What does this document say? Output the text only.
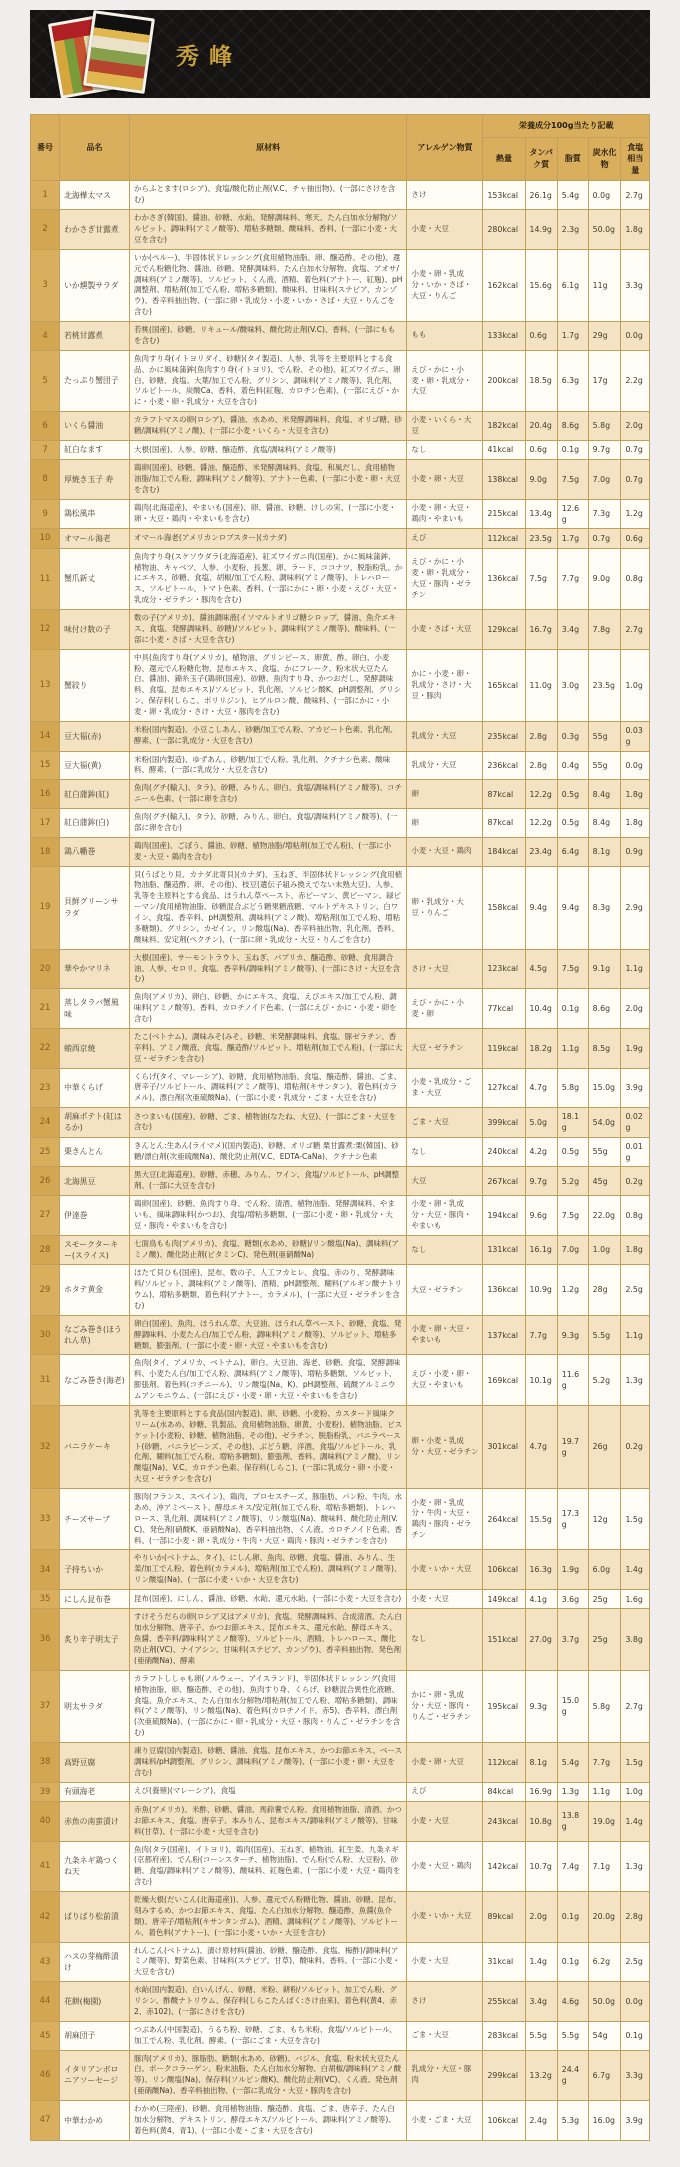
秀峰
番号	品名	原材料	アレルゲン物質	栄養成分100g当たり記載				
				熱量	タンパク質	脂質	炭水化物	食塩相当量
1	北海樺太マス	からふとます(ロシア)、食塩/酸化防止剤(V.C、チャ抽出物)、(一部にさけを含む)	さけ	153kcal	26.1g	5.4g	0.0g	2.7g
2	わかさぎ甘露煮	わかさぎ(韓国)、醤油、砂糖、水飴、発酵調味料、寒天、たん白加水分解物/ソルビット、調味料(アミノ酸等)、増粘多糖類、酸味料、香料、(一部に小麦・大豆を含む)	小麦・大豆	280kcal	14.9g	2.3g	50.0g	1.8g
3	いか燻製サラダ	いか(ペルー)、半固体状ドレッシング(食用植物油脂、卵、醸造酢、その他)、還元でん粉糖化物、醤油、砂糖、発酵調味料、たん白加水分解物、食塩、アオサ/調味料(アミノ酸等)、ソルビット、くん液、酒精、着色料(アナトー、紅麹)、pH調整剤、増粘剤(加工でん粉、増粘多糖類)、酸味料、甘味料(ステビア、カンゾウ)、香辛料抽出物、(一部に卵・乳成分・小麦・いか・さば・大豆・りんごを含む)	小麦・卵・乳成分・いか・さば・大豆・りんご	162kcal	15.6g	6.1g	11g	3.3g
4	若桃甘露煮	若桃(国産)、砂糖、リキュール/酸味料、酸化防止剤(V.C)、香料、(一部にももを含む)	もも	133kcal	0.6g	1.7g	29g	0.0g
5	たっぷり蟹団子	魚肉すり身(イトヨリダイ、砂糖)(タイ製造)、人参、乳等を主要原料とする食品、かに風味蒲鉾(魚肉すり身(イトヨリ)、でん粉、その他)、紅ズワイガニ、卵白、砂糖、食塩、大葉/加工でん粉、グリシン、調味料(アミノ酸等)、乳化剤、ソルビトール、炭酸Ca、香料、着色料(紅麹、カロチン色素)、(一部にえび・かに・小麦・卵・乳成分・大豆を含む)	えび・かに・小麦・卵・乳成分・大豆	200kcal	18.5g	6.3g	17g	2.2g
6	いくら醤油	カラフトマスの卵(ロシア)、醤油、水あめ、米発酵調味料、食塩、オリゴ糖、砂糖/調味料(アミノ酸)、(一部に小麦・いくら・大豆を含む)	小麦・いくら・大豆	182kcal	20.4g	8.6g	5.8g	2.0g
7	紅白なます	大根(国産)、人参、砂糖、醸造酢、食塩/調味料(アミノ酸等)	なし	41kcal	0.6g	0.1g	9.7g	0.7g
8	厚焼き玉子 寿	鶏卵(国産)、砂糖、醤油、醸造酢、米発酵調味料、食塩、和風だし、食用植物油脂/加工でん粉、調味料(アミノ酸等)、アナトー色素、(一部に小麦・卵・大豆を含む)	小麦・卵・大豆	138kcal	9.0g	7.5g	7.0g	0.7g
9	鶏松風串	鶏肉(北海道産)、やまいも(国産)、卵、醤油、砂糖、けしの実、(一部に小麦・卵・大豆・鶏肉・やまいもを含む)	小麦・卵・大豆・鶏肉・やまいも	215kcal	13.4g	12.6g	7.3g	1.2g
10	オマール海老	オマール海老(アメリカンロブスター)(カナダ)	えび	112kcal	23.5g	1.7g	0.7g	0.6g
11	蟹爪新丈	魚肉すり身(スケソウダラ(北海道産)、紅ズワイガニ肉(国産)、かに風味蒲鉾、植物油、キャベツ、人参、小麦粉、長葱、卵、ラード、ココナツ、脱脂粉乳、かにエキス、砂糖、食塩、胡椒/加工でん粉、調味料(アミノ酸等)、トレハロース、ソルビトール、トマト色素、香料、(一部にかに・卵・小麦・えび・大豆・乳成分・ゼラチン・豚肉を含む)	えび・かに・小麦・卵・乳成分・大豆・豚肉・ゼラチン	136kcal	7.5g	7.7g	9.0g	0.8g
12	味付け数の子	数の子(アメリカ)、醤油調味液(イソマルトオリゴ糖シロップ、醤油、魚介エキス、食塩、発酵調味料、砂糖)/ソルビット、調味料(アミノ酸等)、酸味料、(一部に小麦・さば・大豆を含む)	小麦・さば・大豆	129kcal	16.7g	3.4g	7.8g	2.7g
13	蟹絞り	中具(魚肉すり身(アメリカ)、植物油、グリンピース、卵黄、酢、卵白、小麦粉、還元でん粉糖化物、昆布エキス、食塩、かにフレーク、粉末状大豆たん白、醤油)、錦糸玉子(鶏卵(国産)、砂糖、魚肉すり身、かつおだし、発酵調味料、食塩、昆布エキス)/ソルビット、乳化剤、ソルビン酸K、pH調整剤、グリシン、保存料(しらこ、ポリリジン)、ヒアルロン酸、酸味料、(一部にかに・小麦・卵・乳成分・さけ・大豆・豚肉を含む)	かに・小麦・卵・乳成分・さけ・大豆・豚肉	165kcal	11.0g	3.0g	23.5g	1.0g
14	豆大福(赤)	米粉(国内製造)、小豆こしあん、砂糖/加工でん粉、アカビート色素、乳化剤、酵素、(一部に乳成分・大豆を含む)	乳成分・大豆	235kcal	2.8g	0.3g	55g	0.03g
15	豆大福(黄)	米粉(国内製造)、ゆずあん、砂糖/加工でん粉、乳化剤、クチナシ色素、酸味料、酵素、(一部に乳成分・大豆を含む)	乳成分・大豆	236kcal	2.8g	0.4g	55g	0.0g
16	紅白蒲鉾(紅)	魚肉(グチ(輸入)、タラ)、砂糖、みりん、卵白、食塩/調味料(アミノ酸等)、コチニール色素、(一部に卵を含む)	卵	87kcal	12.2g	0.5g	8.4g	1.8g
17	紅白蒲鉾(白)	魚肉(グチ(輸入)、タラ)、砂糖、みりん、卵白、食塩/調味料(アミノ酸等)、(一部に卵を含む)	卵	87kcal	12.2g	0.5g	8.4g	1.8g
18	鶏八幡巻	鶏肉(国産)、ごぼう、醤油、砂糖、植物油脂/増粘剤(加工でん粉)、(一部に小麦・大豆・鶏肉を含む)	小麦・大豆・鶏肉	184kcal	23.4g	6.4g	8.1g	0.9g
19	貝鮮グリーンサラダ	貝(うばとり貝、カナダ北寄貝)(カナダ)、玉ねぎ、半固体状ドレッシング(食用植物油脂、醸造酢、卵、その他)、枝豆(遺伝子組み換えでない未熟大豆)、人参、乳等を主原料とする食品、ほうれん草ペースト、赤ピーマン、黄ピーマン、緑ピーマン/食用植物油脂、砂糖混合ぶどう糖果糖液糖、マルトデキストリン、白ワイン、食塩、香辛料、pH調整剤、調味料(アミノ酸)、増粘剤(加工でん粉、増粘多糖類)、グリシン、カゼイン、リン酸塩(Na)、香辛料抽出物、乳化剤、香料、酸味料、安定剤(ペクチン)、(一部に卵・乳成分・大豆・りんごを含む)	卵・乳成分・大豆・りんご	158kcal	9.4g	9.4g	8.3g	2.9g
20	華やかマリネ	大根(国産)、サーモントラウト、玉ねぎ、パプリカ、醸造酢、砂糖、食用調合油、人参、セロリ、食塩、香辛料/調味料(アミノ酸等)、(一部にさけ・大豆を含む)	さけ・大豆	123kcal	4.5g	7.5g	9.1g	1.1g
21	蒸しタラバ蟹風味	魚肉(アメリカ)、卵白、砂糖、かにエキス、食塩、えびエキス/加工でん粉、調味料(アミノ酸等)、香料、カロチノイド色素、(一部にえび・かに・小麦・卵を含む)	えび・かに・小麦・卵	77kcal	10.4g	0.1g	8.6g	2.0g
22	蛸西京焼	たこ(ベトナム)、調味みそ(みそ、砂糖、米発酵調味料、食塩、豚ゼラチン、香辛料)、アミノ酸液、食塩、醸造酢/ソルビット、増粘剤(加工でん粉)、(一部に大豆・ゼラチンを含む)	大豆・ゼラチン	119kcal	18.2g	1.1g	8.5g	1.9g
23	中華くらげ	くらげ(タイ、マレーシア)、砂糖、食用植物油脂、食塩、醸造酢、醤油、ごま、唐辛子/ソルビトール、調味料(アミノ酸等)、増粘剤(キサンタン)、着色料(カラメル)、漂白剤(次亜硫酸Na)、(一部に小麦・乳成分・ごま・大豆を含む)	小麦・乳成分・ごま・大豆	127kcal	4.7g	5.8g	15.0g	3.9g
24	胡麻ポテト(紅はるか)	さつまいも(国産)、砂糖、ごま、植物油(なたね、大豆)、(一部にごま・大豆を含む)	ごま・大豆	399kcal	5.0g	18.1g	54.0g	0.02g
25	栗きんとん	きんとん:生あん(ライマメ)(国内製造)、砂糖、オリゴ糖 栗甘露煮:栗(韓国)、砂糖/漂白剤(次亜硫酸Na)、酸化防止剤(V.C、EDTA-CaNa)、クチナシ色素	なし	240kcal	4.2g	0.5g	55g	0.01g
26	北海黒豆	黒大豆(北海道産)、砂糖、赤穂、みりん、ワイン、食塩/ソルビトール、pH調整剤、(一部に大豆を含む)	大豆	267kcal	9.7g	5.2g	45g	0.2g
27	伊達巻	鶏卵(国産)、砂糖、魚肉すり身、でん粉、清酒、植物油脂、発酵調味料、やまいも、風味調味料(かつお)、食塩/増粘多糖類、(一部に小麦・卵・乳成分・大豆・豚肉・やまいもを含む)	小麦・卵・乳成分・大豆・豚肉・やまいも	194kcal	9.6g	7.5g	22.0g	0.8g
28	スモークターキー(スライス)	七面鳥もも肉(アメリカ)、食塩、糖類(水あめ、砂糖)/リン酸塩(Na)、調味料(アミノ酸)、酸化防止剤(ビタミンC)、発色剤(亜硝酸Na)	なし	131kcal	16.1g	7.0g	1.0g	1.8g
29	ホタテ黄金	ほたて貝ひも(国産)、昆布、数の子、人工フカヒレ、食塩、赤のり、発酵調味料/ソルビット、調味料(アミノ酸等)、酒精、pH調整剤、糊料(アルギン酸ナトリウム)、増粘多糖類、着色料(アナトー、カラメル)、(一部に大豆・ゼラチンを含む)	大豆・ゼラチン	136kcal	10.9g	1.2g	28g	2.5g
30	なごみ巻き(ほうれん草)	卵白(国産)、魚肉、ほうれん草、大豆油、ほうれん草ペースト、砂糖、食塩、発酵調味料、小麦たん白/加工でん粉、調味料(アミノ酸等)、ソルビット、増粘多糖類、膨張剤、(一部に小麦・卵・大豆・やまいもを含む)	小麦・卵・大豆・やまいも	137kcal	7.7g	9.3g	5.5g	1.1g
31	なごみ巻き(海老)	魚肉(タイ、アメリカ、ベトナム)、卵白、大豆油、海老、砂糖、食塩、発酵調味料、小麦たん白/加工でん粉、調味料(アミノ酸等)、増粘多糖類、ソルビット、膨張剤、着色料(コチニール)、リン酸塩(Na、K)、pH調整剤、硫酸アルミニウムアンモニウム、(一部にえび・小麦・卵・大豆・やまいもを含む)	えび・小麦・卵・大豆・やまいも	169kcal	10.1g	11.6g	5.2g	1.3g
32	バニラケーキ	乳等を主要原料とする食品(国内製造)、卵、砂糖、小麦粉、カスタード風味クリーム(水あめ、砂糖、乳製品、食用植物油脂、卵黄、小麦粉)、植物油脂、ビスケット(小麦粉、砂糖、植物油脂、その他)、ゼラチン、脱脂粉乳、バニラペースト(砂糖、バニラビーンズ、その他)、ぶどう糖、洋酒、食塩/ソルビトール、乳化剤、糊料(加工でん粉、増粘多糖類)、膨張剤、香料、調味料(アミノ酸)、リン酸塩(Na)、V.C、カロテン色素、保存料(しらこ)、(一部に乳成分・卵・小麦・大豆・ゼラチンを含む)	卵・小麦・乳成分・大豆・ゼラチン	301kcal	4.7g	19.7g	26g	0.2g
33	チーズサーブ	豚肉(フランス、スペイン)、鶏肉、プロセスチーズ、豚脂肪、パン粉、牛肉、水あめ、沖アミペースト、酵母エキス/安定剤(加工でん粉、増粘多糖類)、トレハロース、乳化剤、調味料(アミノ酸等)、リン酸塩(Na)、酸味料、酸化防止剤(V.C)、発色剤(硝酸K、亜硝酸Na)、香辛料抽出物、くん液、カロチノイド色素、香料、(一部に小麦・卵・乳成分・牛肉・大豆・鶏肉・豚肉・ゼラチンを含む)	小麦・卵・乳成分・牛肉・大豆・鶏肉・豚肉・ゼラチン	264kcal	15.5g	17.3g	12g	1.5g
34	子持ちいか	やりいか(ベトナム、タイ)、にしん卵、魚肉、砂糖、食塩、醤油、みりん、生姜/加工でん粉、着色料(カラメル)、増粘剤(加工でん粉)、調味料(アミノ酸等)、リン酸塩(Na)、(一部に小麦・いか・大豆を含む)	小麦・いか・大豆	106kcal	16.3g	1.9g	6.0g	1.4g
35	にしん昆布巻	昆布(国産)、にしん、醤油、砂糖、水飴、還元水飴、(一部に小麦・大豆を含む)	小麦・大豆	149kcal	4.1g	3.6g	25g	1.6g
36	炙り辛子明太子	すけそうだらの卵(ロシア又はアメリカ)、食塩、発酵調味料、合成清酒、たん白加水分解物、唐辛子、かつお節エキス、昆布エキス、還元水飴、酵母エキス、魚醤、香辛料/調味料(アミノ酸等)、ソルビトール、酒精、トレハロース、酸化防止剤(VC)、ナイアシン、甘味料(ステビア、カンゾウ)、香辛料抽出物、発色剤(亜硝酸Na)、酵素	なし	151kcal	27.0g	3.7g	25g	3.8g
37	明太サラダ	カラフトししゃも卵(ノルウェー、アイスランド)、半固体状ドレッシング(食用植物油脂、卵、醸造酢、その他)、魚肉すり身、くらげ、砂糖混合異性化液糖、食塩、魚介エキス、たん白加水分解物/増粘剤(加工でん粉、増粘多糖類)、調味料(アミノ酸等)、リン酸塩(Na)、着色料(カロチノイド、赤5)、香辛料、漂白剤(次亜硫酸Na)、(一部にかに・卵・乳成分・大豆・豚肉・りんご・ゼラチンを含む)	かに・卵・乳成分・大豆・豚肉・りんご・ゼラチン	195kcal	9.3g	15.0g	5.8g	2.7g
38	高野豆腐	凍り豆腐(国内製造)、砂糖、醤油、食塩、昆布エキス、かつお節エキス、ベース調味料/pH調整剤、グリシン、調味料(アミノ酸等)、(一部に小麦・卵・大豆を含む)	小麦・卵・大豆	112kcal	8.1g	5.4g	7.7g	1.5g
39	有頭海老	えび(養殖)(マレーシア)、食塩	えび	84kcal	16.9g	1.3g	1.1g	1.0g
40	赤魚の南蛮漬け	赤魚(アメリカ)、米酢、砂糖、醤油、馬鈴薯でん粉、食用植物油脂、清酒、かつお節エキス、食塩、唐辛子、本みりん、昆布エキス/調味料(アミノ酸等)、甘味料(甘草)、(一部に小麦・大豆を含む)	小麦・大豆	243kcal	10.8g	13.8g	19.0g	1.4g
41	九条ネギ鶏つくね天	魚肉(タラ(国産)、イトヨリ)、鶏肉(国産)、玉ねぎ、植物油、紅生姜、九条ネギ(京都府産)、でん粉(コーンスターチ、植物油脂)、でん粉(でん粉、大豆粉)、砂糖、食塩/調味料(アミノ酸等)、酸味料、紅麹色素、(一部に小麦・大豆・鶏肉を含む)	小麦・大豆・鶏肉	142kcal	10.7g	7.4g	7.1g	1.3g
42	ぱりぱり松前漬	乾燥大根(だいこん(北海道産))、人参、還元でん粉糖化物、醤油、砂糖、昆布、刻みするめ、かつお節エキス、食塩、たん白加水分解物、醸造酢、魚醤(魚介類)、唐辛子/増粘剤(キサンタンガム)、酒精、調味料(アミノ酸等)、ソルビトール、着色料(アナトー)、(一部に小麦・いか・大豆を含む)	小麦・いか・大豆	89kcal	2.0g	0.1g	20.0g	2.8g
43	ハスの芽梅酢漬け	れんこん(ベトナム)、漬け原材料(醤油、砂糖、醸造酢、食塩、梅酢)/調味料(アミノ酸等)、野菜色素、甘味料(ステビア、甘草)、酸味料、香料、(一部に小麦・大豆を含む)	小麦・大豆	31kcal	1.4g	0.1g	6.2g	2.5g
44	花餅(梅園)	水飴(国内製造)、白いんげん、砂糖、米粉、餅粉/ソルビット、加工でん粉、グリシン、酢酸ナトリウム、保存料(しらこたんぱく:さけ由来)、着色料(黄4、赤2、赤102)、(一部にさけを含む)	さけ	255kcal	3.4g	4.6g	50.0g	0.0g
45	胡麻団子	つぶあん(中国製造)、うるち粉、砂糖、ごま、もち米粉、食塩/ソルビトール、加工でん粉、乳化剤、酵素、(一部にごま・大豆を含む)	ごま・大豆	283kcal	5.5g	5.5g	54g	0.1g
46	イタリアンボロニアソーセージ	豚肉(アメリカ)、豚脂肪、糖類(水あめ、砂糖)、バジル、食塩、粉末状大豆たん白、ポークコラーゲン、粉末油脂、たん白加水分解物、白胡椒/調味料(アミノ酸等)、リン酸塩(Na)、保存料(ソルビン酸K)、酸化防止剤(VC)、くん液、発色剤(亜硝酸Na)、香辛料抽出物、(一部に乳成分・大豆・豚肉を含む)	乳成分・大豆・豚肉	299kcal	13.2g	24.4g	6.7g	3.3g
47	中華わかめ	わかめ(三陸産)、砂糖、食用植物油脂、醸造酢、食塩、ごま、唐辛子、たん白加水分解物、デキストリン、酵母エキス/ソルビトール、調味料(アミノ酸等)、着色料(黄4、青1)、(一部に小麦・ごま・大豆を含む)	小麦・ごま・大豆	106kcal	2.4g	5.3g	16.0g	3.9g
